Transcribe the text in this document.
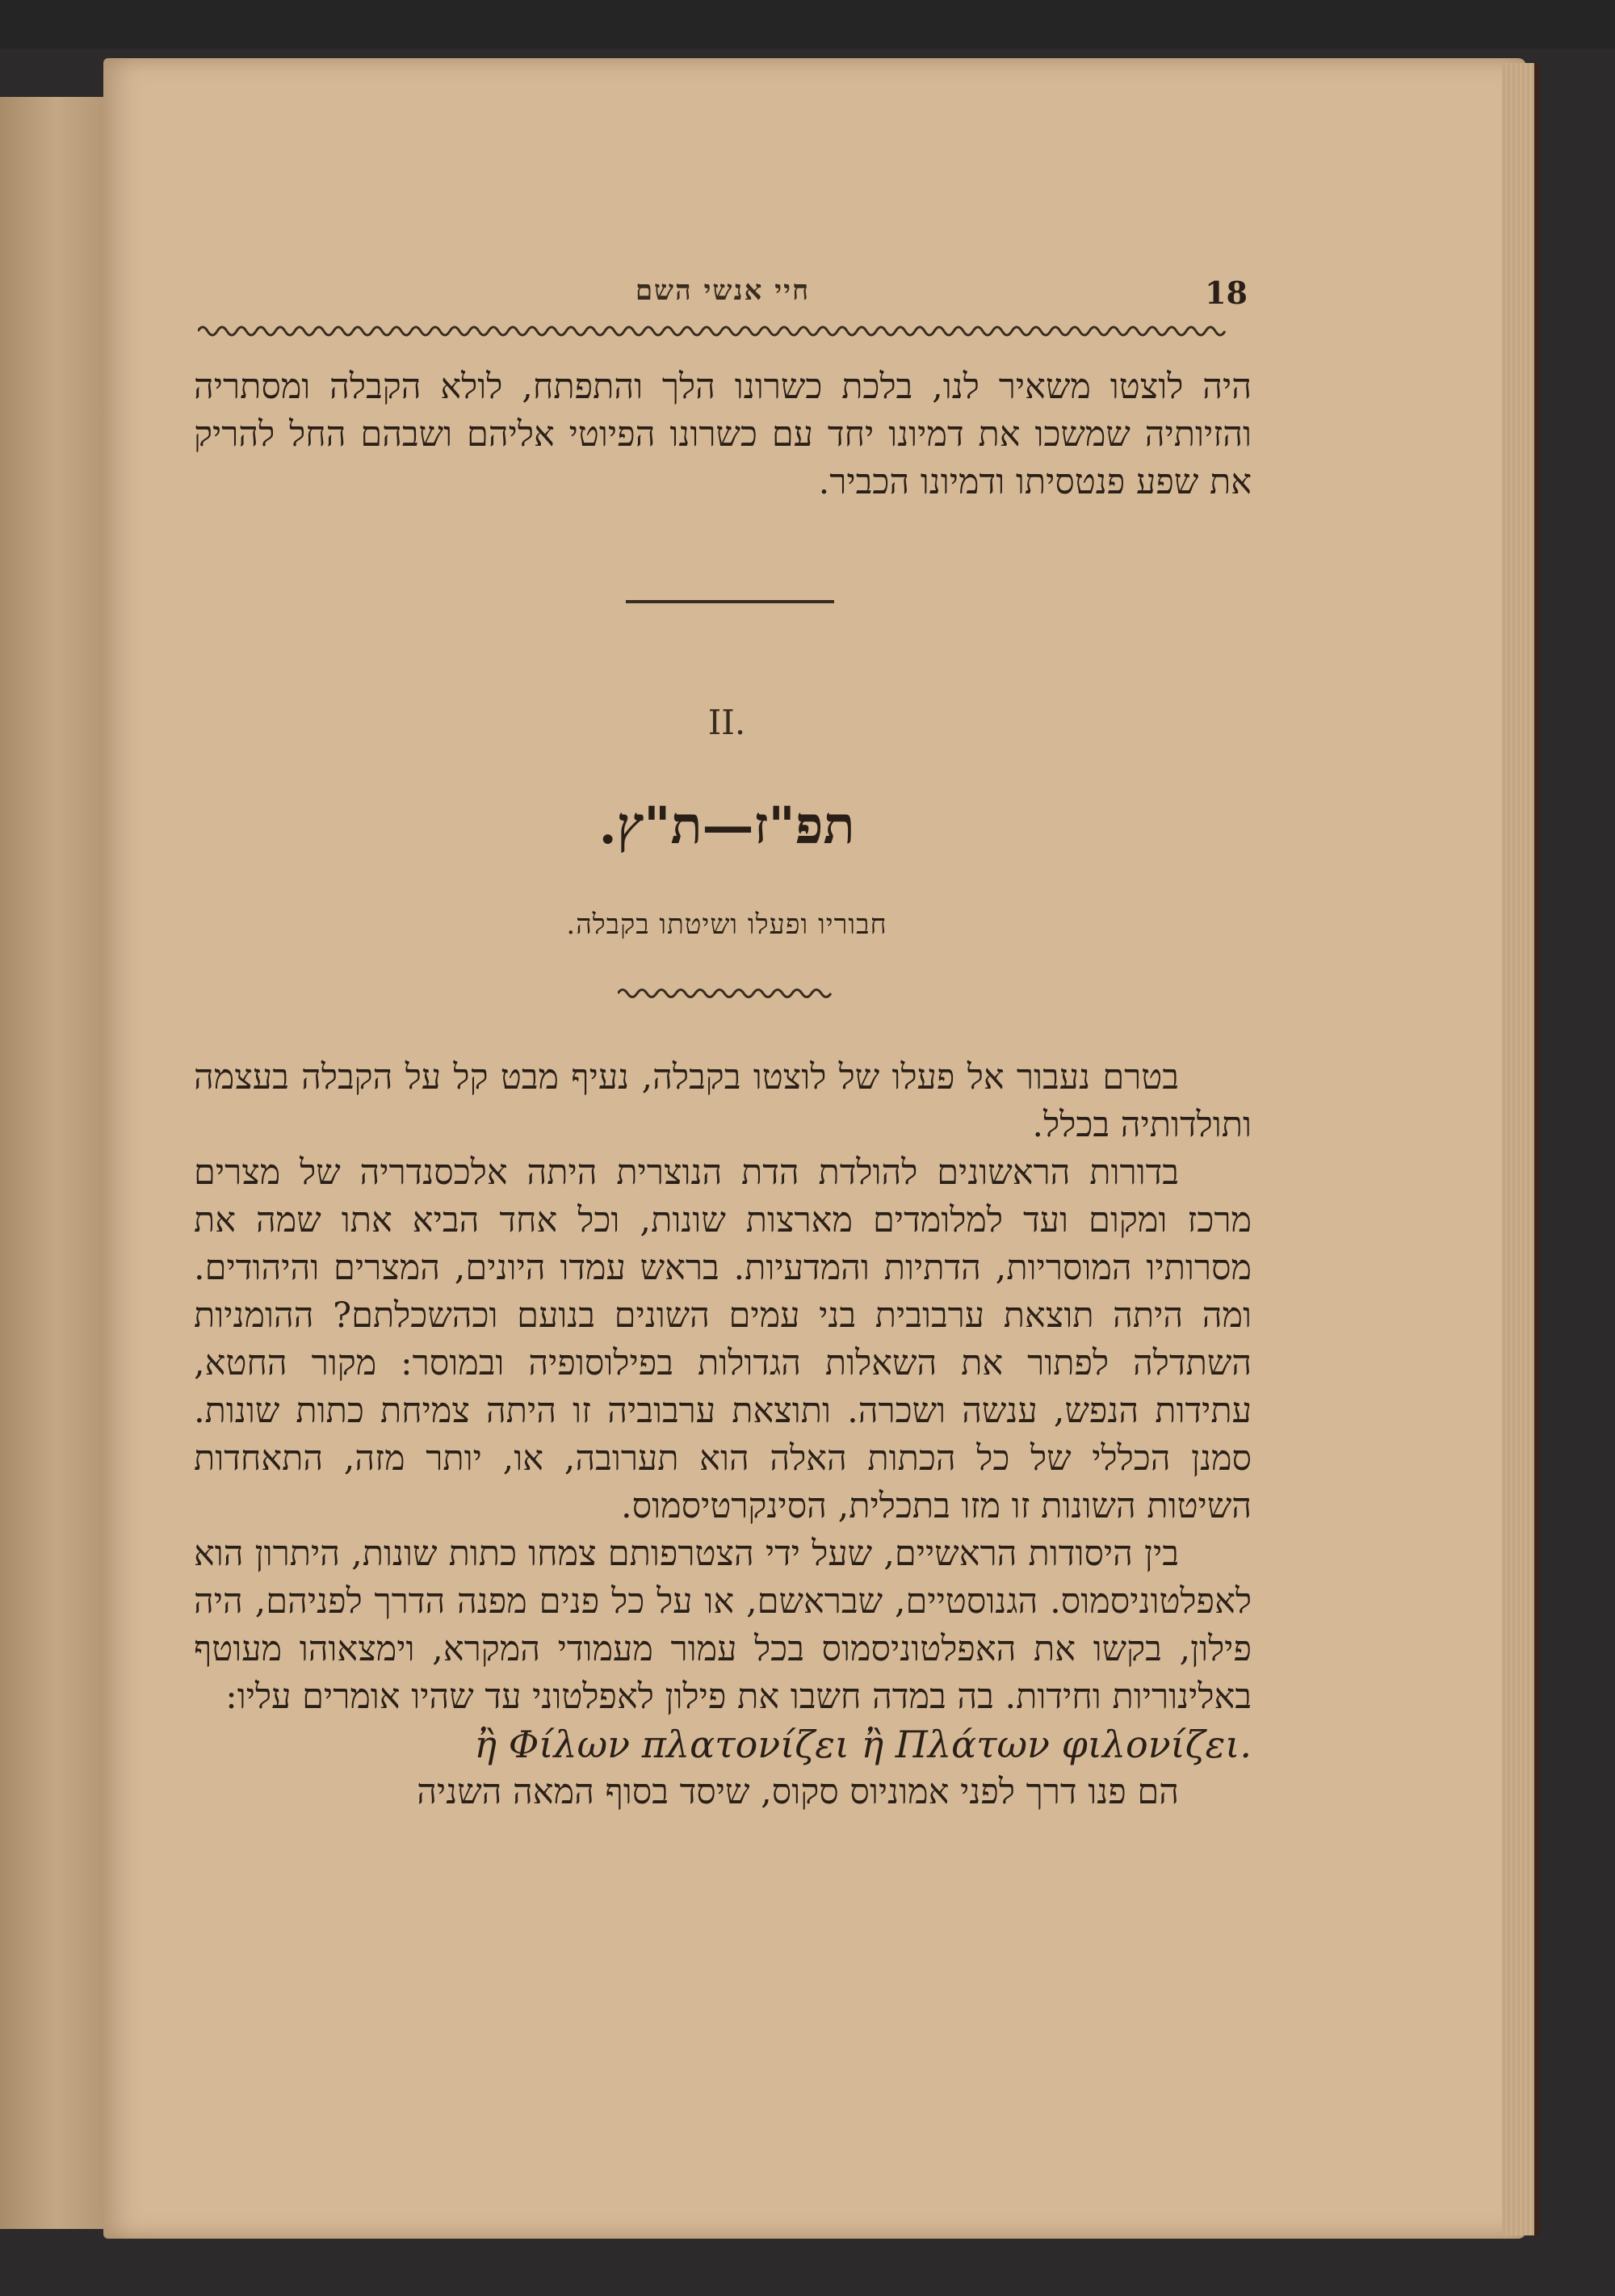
חיי אנשי השם	18

היה לוצטו משאיר לנו, בלכת כשרונו הלך והתפתח, לולא הקבלה ומסתריה והזיותיה שמשכו את דמיונו יחד עם כשרונו הפיוטי אליהם ושבהם החל להריק את שפע פנטסיתו ודמיונו הכביר.

II.
תפ"ז—ת"ץ.
חבוריו ופעלו ושיטתו בקבלה.

בטרם נעבור אל פעלו של לוצטו בקבלה, נעיף מבט קל על הקבלה בעצמה ותולדותיה בכלל.

בדורות הראשונים להולדת הדת הנוצרית היתה אלכסנדריה של מצרים מרכז ומקום ועד למלומדים מארצות שונות, וכל אחד הביא אתו שמה את מסרותיו המוסריות, הדתיות והמדעיות. בראש עמדו היונים, המצרים והיהודים. ומה היתה תוצאת ערבובית בני עמים השונים בנועם וכהשכלתם? ההומניות השתדלה לפתור את השאלות הגדולות בפילוסופיה ובמוסר: מקור החטא, עתידות הנפש, ענשה ושכרה. ותוצאת ערבוביה זו היתה צמיחת כתות שונות. סמנן הכללי של כל הכתות האלה הוא תערובה, או, יותר מזה, התאחדות השיטות השונות זו מזו בתכלית, הסינקרטיסמוס.

בין היסודות הראשיים, שעל ידי הצטרפותם צמחו כתות שונות, היתרון הוא לאפלטוניסמוס. הגנוסטיים, שבראשם, או על כל פנים מפנה הדרך לפניהם, היה פילון, בקשו את האפלטוניסמוס בכל עמור מעמודי המקרא, וימצאוהו מעוטף באלינוריות וחידות. בה במדה חשבו את פילון לאפלטוני עד שהיו אומרים עליו:

ἢ Φίλων πλατονίζει ἢ Πλάτων φιλονίζει.

הם פנו דרך לפני אמוניוס סקוס, שיסד בסוף המאה השניה
